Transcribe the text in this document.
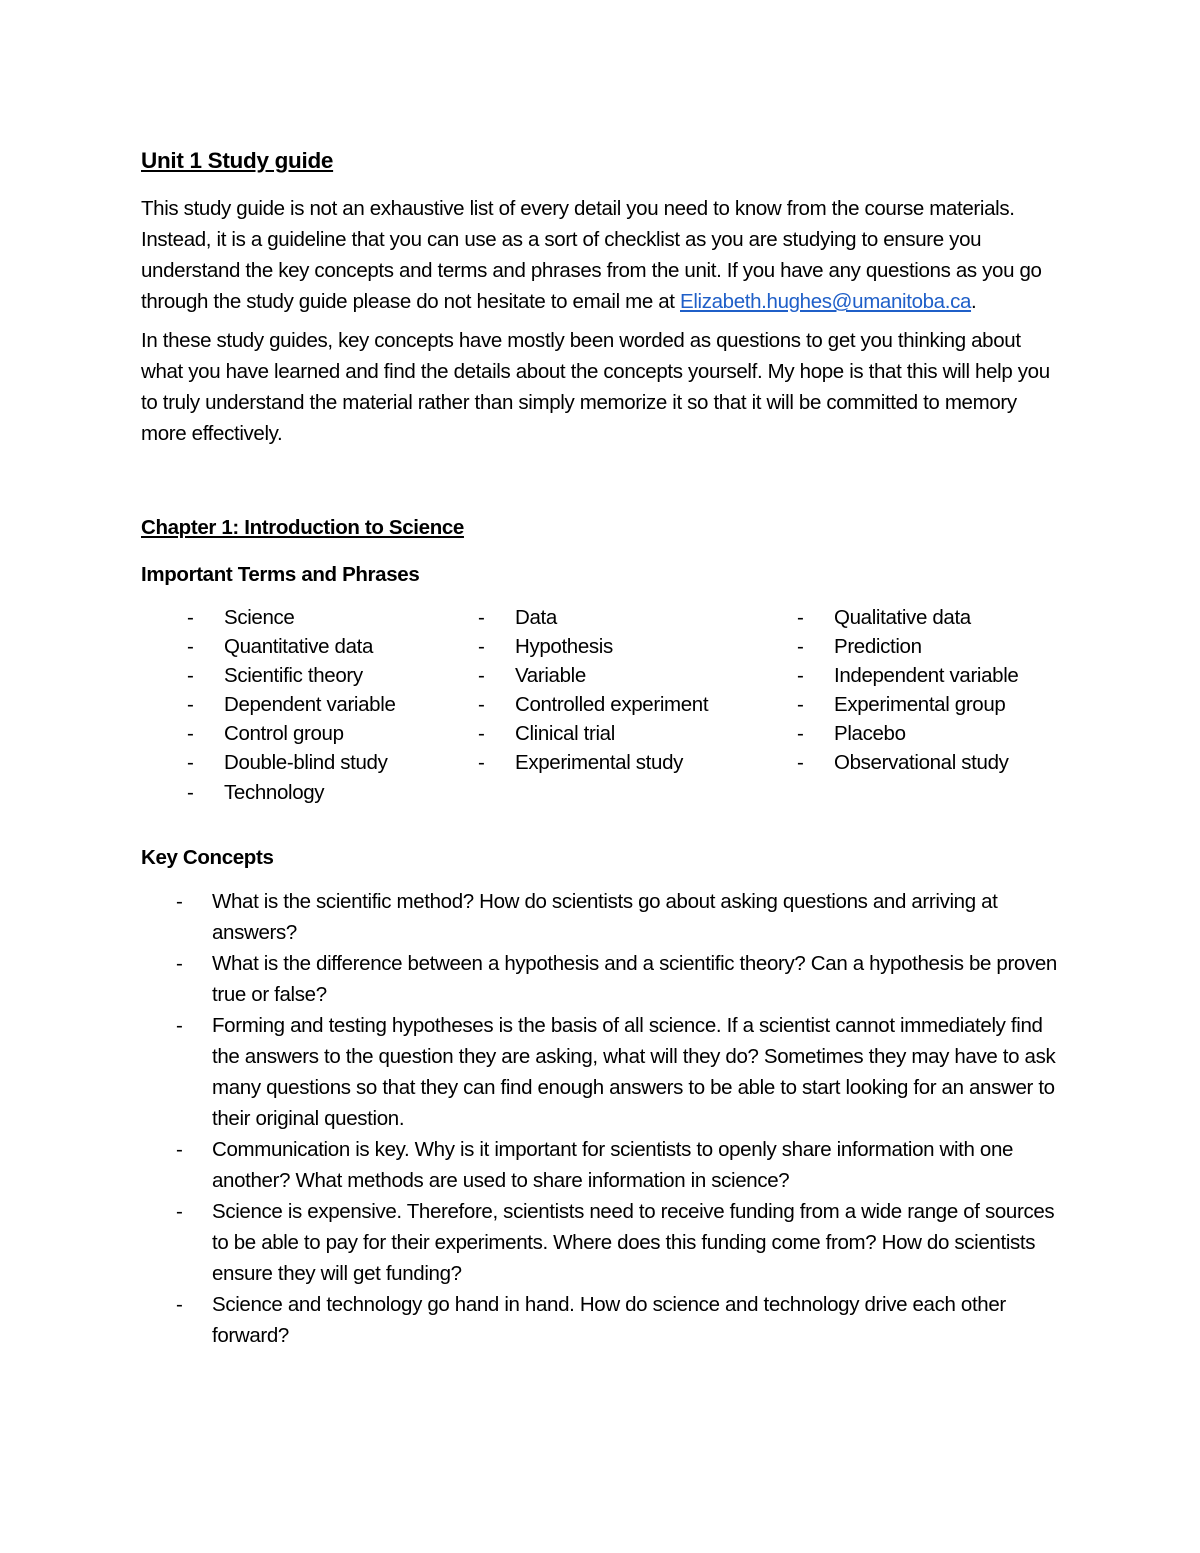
Unit 1 Study guide

This study guide is not an exhaustive list of every detail you need to know from the course materials. Instead, it is a guideline that you can use as a sort of checklist as you are studying to ensure you understand the key concepts and terms and phrases from the unit. If you have any questions as you go through the study guide please do not hesitate to email me at Elizabeth.hughes@umanitoba.ca.

In these study guides, key concepts have mostly been worded as questions to get you thinking about what you have learned and find the details about the concepts yourself. My hope is that this will help you to truly understand the material rather than simply memorize it so that it will be committed to memory more effectively.

Chapter 1: Introduction to Science
Important Terms and Phrases
- Science
- Quantitative data
- Scientific theory
- Dependent variable
- Control group
- Double-blind study
- Technology
- Data
- Hypothesis
- Variable
- Controlled experiment
- Clinical trial
- Experimental study
- Qualitative data
- Prediction
- Independent variable
- Experimental group
- Placebo
- Observational study
Key Concepts
- What is the scientific method? How do scientists go about asking questions and arriving at answers?
- What is the difference between a hypothesis and a scientific theory? Can a hypothesis be proven true or false?
- Forming and testing hypotheses is the basis of all science. If a scientist cannot immediately find the answers to the question they are asking, what will they do? Sometimes they may have to ask many questions so that they can find enough answers to be able to start looking for an answer to their original question.
- Communication is key. Why is it important for scientists to openly share information with one another? What methods are used to share information in science?
- Science is expensive. Therefore, scientists need to receive funding from a wide range of sources to be able to pay for their experiments. Where does this funding come from? How do scientists ensure they will get funding?
- Science and technology go hand in hand. How do science and technology drive each other forward?
